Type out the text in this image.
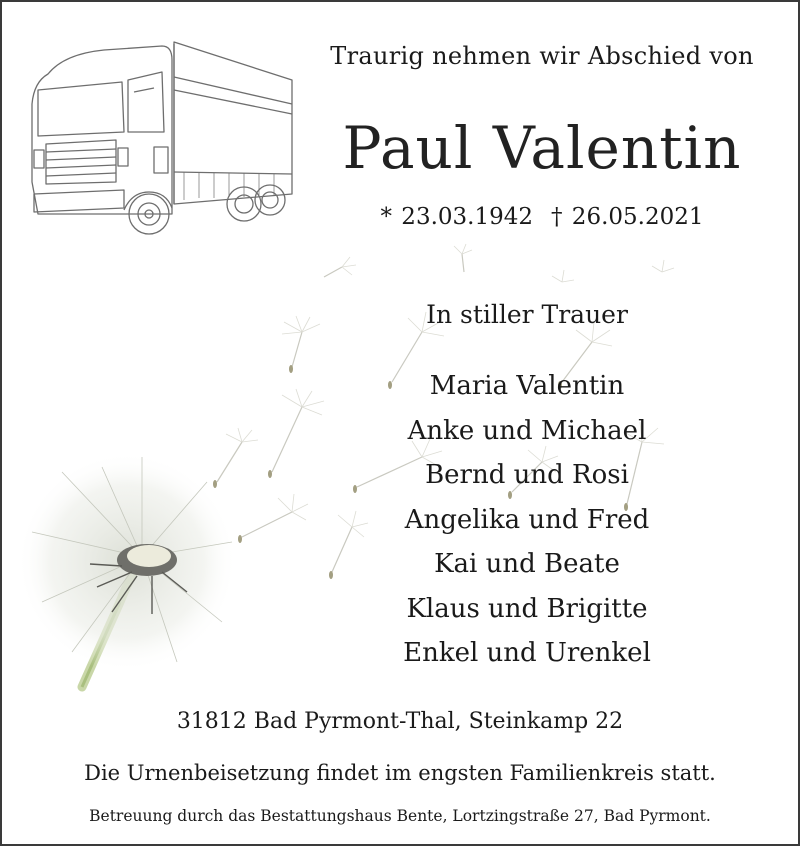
Traurig nehmen wir Abschied von
Paul Valentin
* 23.03.1942 † 26.05.2021
In stiller Trauer
Maria Valentin
Anke und Michael
Bernd und Rosi
Angelika und Fred
Kai und Beate
Klaus und Brigitte
Enkel und Urenkel
31812 Bad Pyrmont-Thal, Steinkamp 22
Die Urnenbeisetzung findet im engsten Familienkreis statt.
Betreuung durch das Bestattungshaus Bente, Lortzingstraße 27, Bad Pyrmont.
